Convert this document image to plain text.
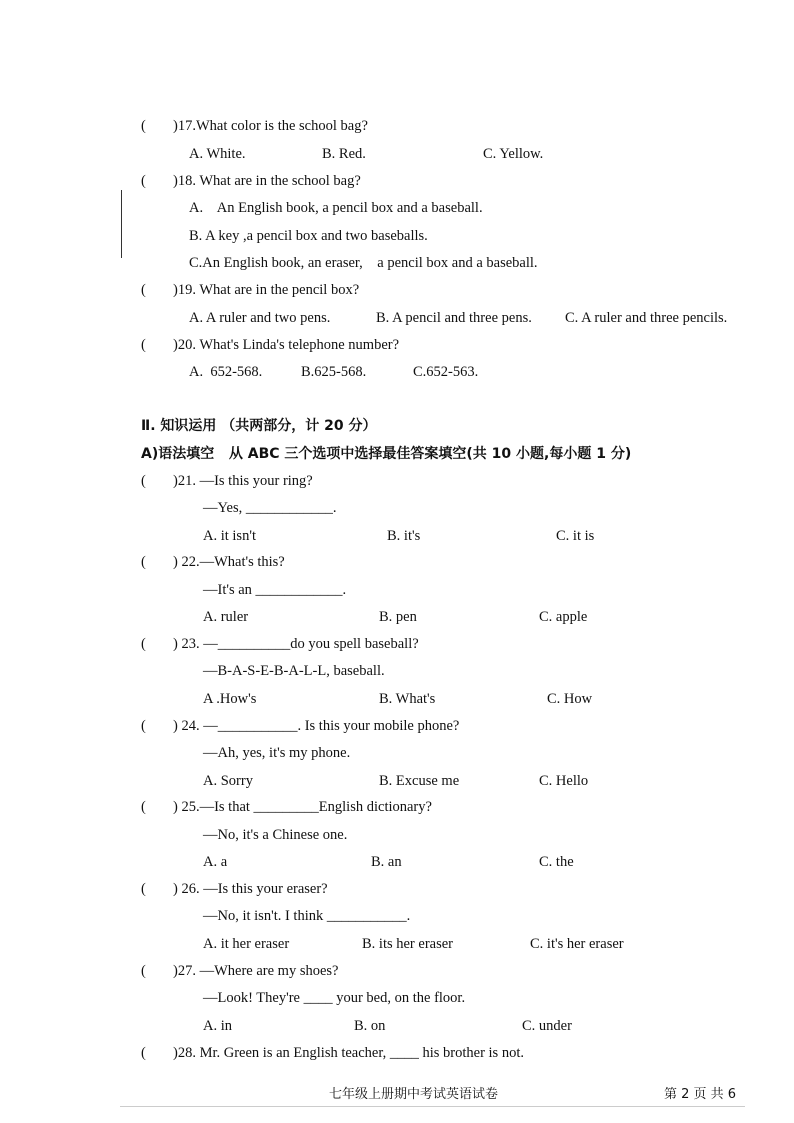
( )17.What color is the school bag?
A. White.	B. Red.	C. Yellow.
( )18. What are in the school bag?
A.    An English book, a pencil box and a baseball.
B. A key ,a pencil box and two baseballs.
C.An English book, an eraser,    a pencil box and a baseball.
( )19. What are in the pencil box?
A. A ruler and two pens.	B. A pencil and three pens. C. A ruler and three pencils.
( )20. What's Linda's telephone number?
A.  652-568.	B.625-568.	C.652-563.
Ⅱ. 知识运用 （共两部分，计 20 分）
A)语法填空   从 ABC 三个选项中选择最佳答案填空(共 10 小题,每小题 1 分)
( )21. —Is this your ring?
—Yes, ____________.
A. it isn't	B. it's	C. it is
( ) 22.—What's this?
—It's an ____________.
A. ruler	B. pen	C. apple
( ) 23. —__________do you spell baseball?
—B-A-S-E-B-A-L-L, baseball.
A .How's	B. What's	C. How
( ) 24. —___________. Is this your mobile phone?
—Ah, yes, it's my phone.
A. Sorry	B. Excuse me	C. Hello
( ) 25.—Is that _________English dictionary?
—No, it's a Chinese one.
A. a	B. an	C. the
( ) 26. —Is this your eraser?
—No, it isn't. I think ___________.
A. it her eraser	B. its her eraser	C. it's her eraser
( )27. —Where are my shoes?
—Look! They're ____ your bed, on the floor.
A. in	B. on	C. under
( )28. Mr. Green is an English teacher, ____ his brother is not.
七年级上册期中考试英语试卷	第 2 页 共 6
